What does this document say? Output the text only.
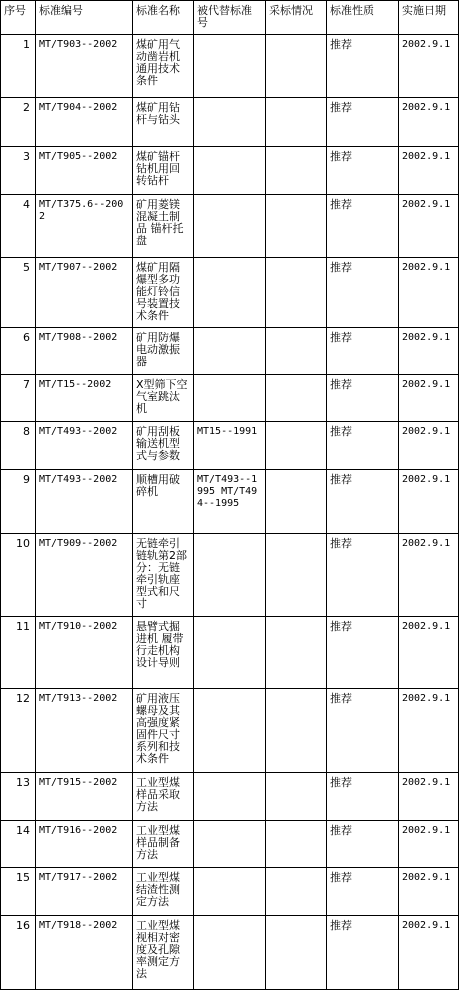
序号	标准编号	标准名称	被代替标准号	采标情况	标准性质	实施日期
1	MT/T903--2002	煤矿用气动凿岩机通用技术条件			推荐	2002.9.1
2	MT/T904--2002	煤矿用钻杆与钻头			推荐	2002.9.1
3	MT/T905--2002	煤矿锚杆钻机用回转钻杆			推荐	2002.9.1
4	MT/T375.6--2002	矿用菱镁混凝土制品 锚杆托盘			推荐	2002.9.1
5	MT/T907--2002	煤矿用隔爆型多功能灯铃信号装置技术条件			推荐	2002.9.1
6	MT/T908--2002	矿用防爆电动激振器			推荐	2002.9.1
7	MT/T15--2002	X型筛下空气室跳汰机			推荐	2002.9.1
8	MT/T493--2002	矿用刮板输送机型式与参数	MT15--1991		推荐	2002.9.1
9	MT/T493--2002	顺槽用破碎机	MT/T493--1995 MT/T494--1995		推荐	2002.9.1
10	MT/T909--2002	无链牵引链轨第2部分：无链牵引轨座型式和尺寸			推荐	2002.9.1
11	MT/T910--2002	悬臂式掘进机 履带行走机构设计导则			推荐	2002.9.1
12	MT/T913--2002	矿用液压螺母及其高强度紧固件尺寸系列和技术条件			推荐	2002.9.1
13	MT/T915--2002	工业型煤样品采取方法			推荐	2002.9.1
14	MT/T916--2002	工业型煤样品制备方法			推荐	2002.9.1
15	MT/T917--2002	工业型煤结渣性测定方法			推荐	2002.9.1
16	MT/T918--2002	工业型煤视相对密度及孔隙率测定方法			推荐	2002.9.1
